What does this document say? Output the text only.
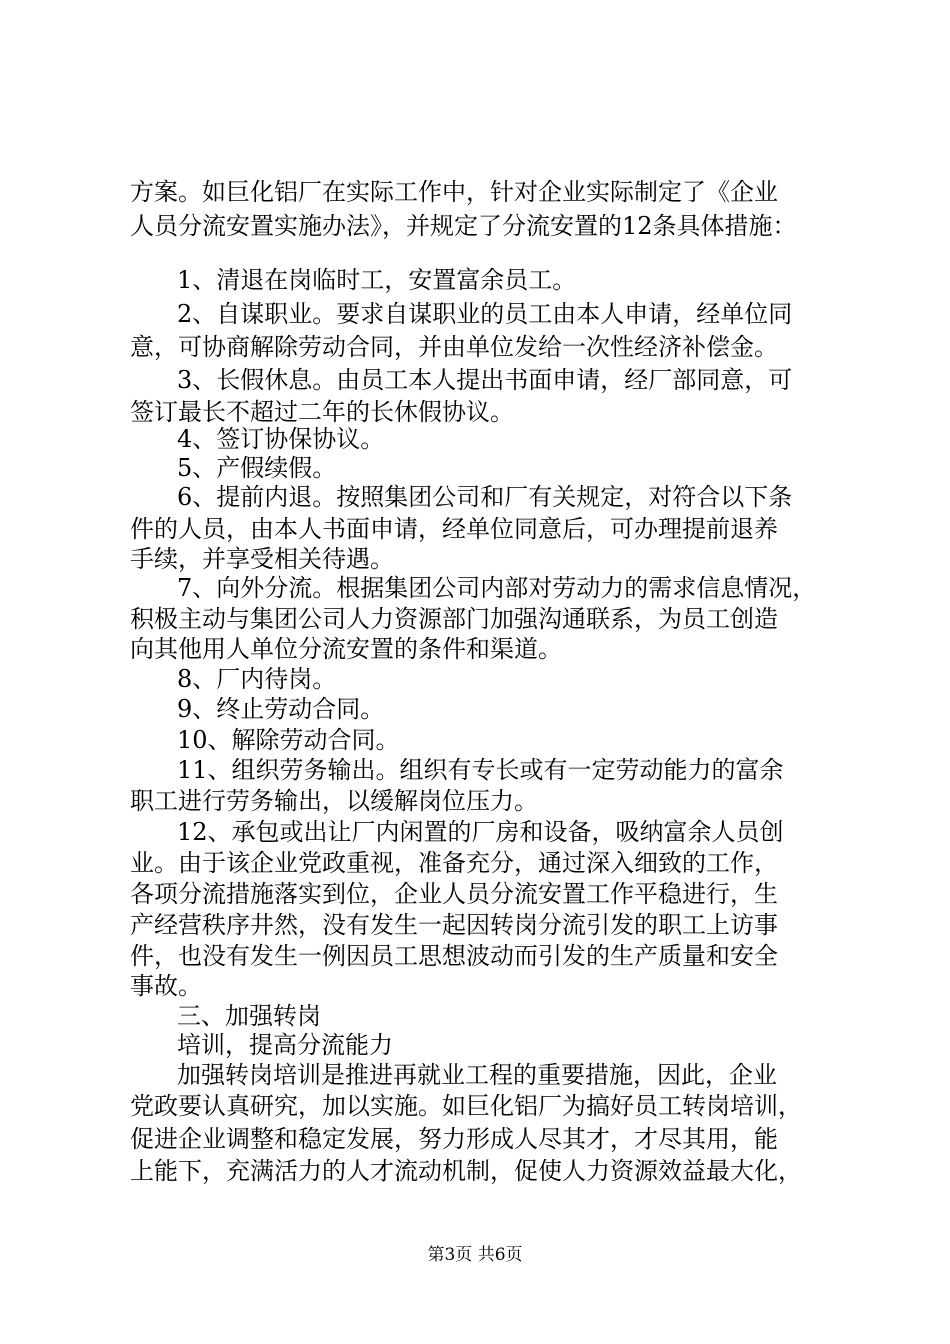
方案。如巨化铝厂在实际工作中，针对企业实际制定了《企业

人员分流安置实施办法》，并规定了分流安置的12条具体措施：

1、清退在岗临时工，安置富余员工。

2、自谋职业。要求自谋职业的员工由本人申请，经单位同

意，可协商解除劳动合同，并由单位发给一次性经济补偿金。

3、长假休息。由员工本人提出书面申请，经厂部同意，可

签订最长不超过二年的长休假协议。

4、签订协保协议。

5、产假续假。

6、提前内退。按照集团公司和厂有关规定，对符合以下条

件的人员，由本人书面申请，经单位同意后，可办理提前退养

手续，并享受相关待遇。

7、向外分流。根据集团公司内部对劳动力的需求信息情况，

积极主动与集团公司人力资源部门加强沟通联系，为员工创造

向其他用人单位分流安置的条件和渠道。

8、厂内待岗。

9、终止劳动合同。

10、解除劳动合同。

11、组织劳务输出。组织有专长或有一定劳动能力的富余

职工进行劳务输出，以缓解岗位压力。

12、承包或出让厂内闲置的厂房和设备，吸纳富余人员创

业。由于该企业党政重视，准备充分，通过深入细致的工作，

各项分流措施落实到位，企业人员分流安置工作平稳进行，生

产经营秩序井然，没有发生一起因转岗分流引发的职工上访事

件，也没有发生一例因员工思想波动而引发的生产质量和安全

事故。

三、加强转岗

培训，提高分流能力

加强转岗培训是推进再就业工程的重要措施，因此，企业

党政要认真研究，加以实施。如巨化铝厂为搞好员工转岗培训，

促进企业调整和稳定发展，努力形成人尽其才，才尽其用，能

上能下，充满活力的人才流动机制，促使人力资源效益最大化，

第3页 共6页
